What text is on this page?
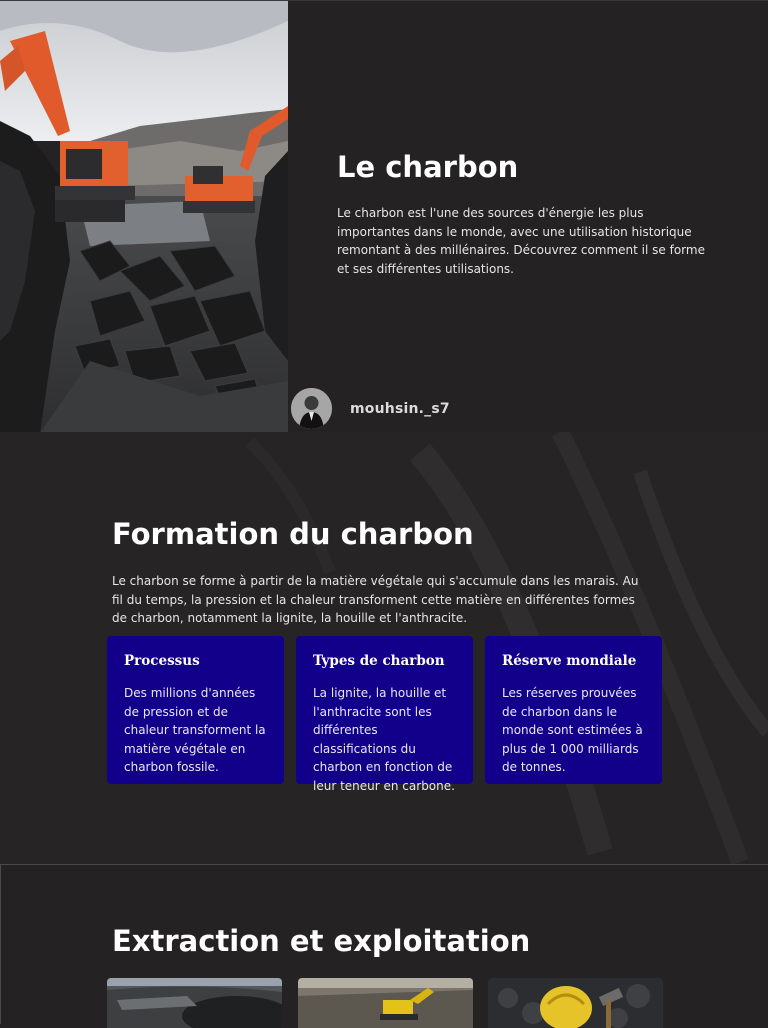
Le charbon

Le charbon est l'une des sources d'énergie les plus importantes dans le monde, avec une utilisation historique remontant à des millénaires. Découvrez comment il se forme et ses différentes utilisations.

mouhsin._s7
Formation du charbon

Le charbon se forme à partir de la matière végétale qui s'accumule dans les marais. Au fil du temps, la pression et la chaleur transforment cette matière en différentes formes de charbon, notamment la lignite, la houille et l'anthracite.

Processus

Des millions d'années de pression et de chaleur transforment la matière végétale en charbon fossile.

Types de charbon

La lignite, la houille et l'anthracite sont les différentes classifications du charbon en fonction de leur teneur en carbone.

Réserve mondiale

Les réserves prouvées de charbon dans le monde sont estimées à plus de 1 000 milliards de tonnes.

Extraction et exploitation
